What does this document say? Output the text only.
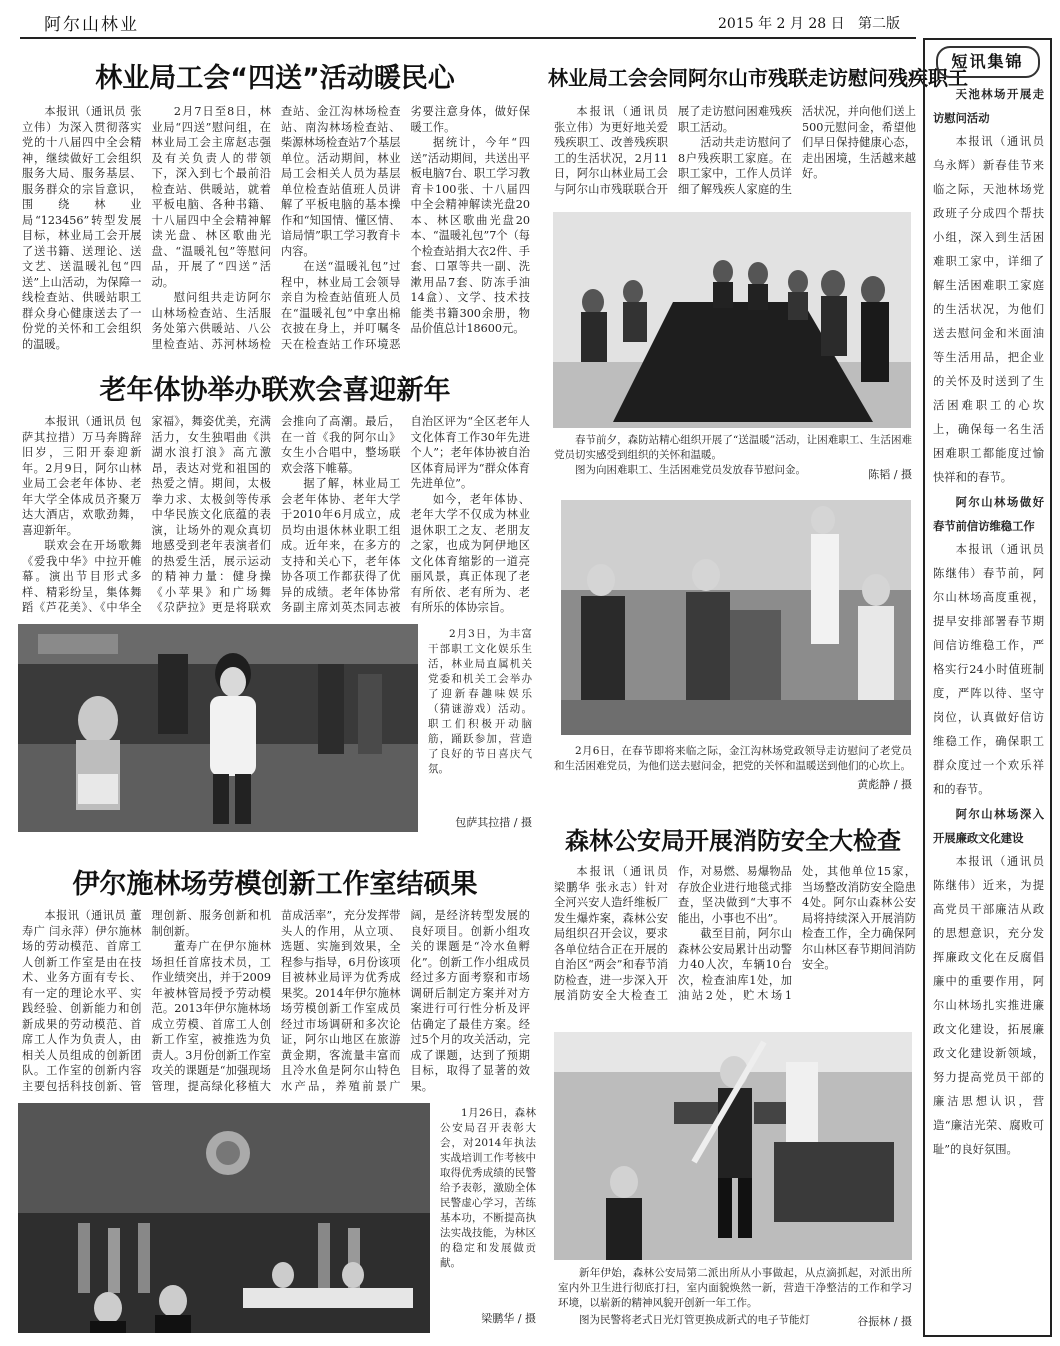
阿尔山林业	2015 年 2 月 28 日   第二版
林业局工会“四送”活动暖民心

本报讯（通讯员 张立伟）为深入贯彻落实党的十八届四中全会精神，继续做好工会组织服务大局、服务基层、服务群众的宗旨意识，围绕林业局“123456”转型发展目标，林业局工会开展了送书籍、送理论、送文艺、送温暖礼包“四送”上山活动，为保障一线检查站、供暖站职工群众身心健康送去了一份党的关怀和工会组织的温暖。

2月7日至8日，林业局“四送”慰问组，在林业局工会主席赵志强及有关负责人的带领下，深入到七个最前沿检查站、供暖站，就着平板电脑、各种书籍、十八届四中全会精神解读光盘、林区歌曲光盘、“温暖礼包”等慰问品，开展了“四送”活动。

慰问组共走访阿尔山林场检查站、生活服务处第六供暖站、八公里检查站、苏河林场检查站、金江沟林场检查站、南沟林场检查站、柴源林场检查站7个基层单位。活动期间，林业局工会相关人员为基层单位检查站值班人员讲解了平板电脑的基本操作和“知国情、懂区情、谙局情”职工学习教育卡内容。

在送“温暖礼包”过程中，林业局工会领导亲自为检查站值班人员在“温暖礼包”中拿出棉衣披在身上，并叮嘱冬天在检查站工作环境恶劣要注意身体，做好保暖工作。

据统计，今年“四送”活动期间，共送出平板电脑7台、职工学习教育卡100张、十八届四中全会精神解读光盘20本、林区歌曲光盘20本、“温暖礼包”7个（每个检查站捐大衣2件、手套、口罩等共一副、洗漱用品7套、防冻手油14盒）、文学、技术技能类书籍300余册，物品价值总计18600元。

老年体协举办联欢会喜迎新年

本报讯（通讯员 包萨其拉措）万马奔腾辞旧岁，三阳开泰迎新年。2月9日，阿尔山林业局工会老年体协、老年大学全体成员齐聚万达大酒店，欢歌劲舞，喜迎新年。

联欢会在开场歌舞《爱我中华》中拉开帷幕。演出节目形式多样、精彩纷呈，集体舞蹈《芦花美》、《中华全家福》，舞姿优美，充满活力，女生独唱曲《洪湖水浪打浪》高亢激昂，表达对党和祖国的热爱之情。期间，太极拳力求、太极剑等传承中华民族文化底蕴的表演，让场外的观众真切地感受到老年表演者们的热爱生活，展示运动的精神力量：健身操《小苹果》和广场舞《尕萨拉》更是将联欢会推向了高潮。最后，在一首《我的阿尔山》女生小合唱中，整场联欢会落下帷幕。

据了解，林业局工会老年体协、老年大学于2010年6月成立，成员均由退休林业职工组成。近年来，在多方的支持和关心下，老年体协各项工作都获得了优异的成绩。老年体协常务副主席刘英杰同志被自治区评为“全区老年人文化体育工作30年先进个人”；老年体协被自治区体育局评为“群众体育先进单位”。

如今，老年体协、老年大学不仅成为林业退休职工之友、老朋友之家，也成为阿伊地区文化体育缩影的一道亮丽风景，真正体现了老有所依、老有所为、老有所乐的体协宗旨。

2月3日，为丰富干部职工文化娱乐生活，林业局直属机关党委和机关工会举办了迎新春趣味娱乐（猜谜游戏）活动。职工们积极开动脑筋，踊跃参加，营造了良好的节日喜庆气氛。

包萨其拉措 / 摄
伊尔施林场劳模创新工作室结硕果

本报讯（通讯员 董寿广 闫永萍）伊尔施林场的劳动模范、首席工人创新工作室是由在技术、业务方面有专长、有一定的理论水平、实践经验、创新能力和创新成果的劳动模范、首席工人作为负责人，由相关人员组成的创新团队。工作室的创新内容主要包括科技创新、管理创新、服务创新和机制创新。

董寿广在伊尔施林场担任首席技术员，工作业绩突出，并于2009年被林管局授予劳动模范。2013年伊尔施林场成立劳模、首席工人创新工作室，被推选为负责人。3月份创新工作室攻关的课题是“加强现场管理，提高绿化移植大苗成活率”，充分发挥带头人的作用，从立项、选题、实施到效果，全程参与指导，6月份该项目被林业局评为优秀成果奖。2014年伊尔施林场劳模创新工作室成员经过市场调研和多次论证，阿尔山地区在旅游黄金期，客流量丰富而且冷水鱼是阿尔山特色水产品，养殖前景广阔，是经济转型发展的良好项目。创新小组攻关的课题是“冷水鱼孵化”。创新工作小组成员经过多方面考察和市场调研后制定方案并对方案进行可行性分析及评估确定了最佳方案。经过5个月的攻关活动，完成了课题，达到了预期目标，取得了显著的效果。

1月26日，森林公安局召开表彰大会，对2014年执法实战培训工作考核中取得优秀成绩的民警给予表彰，激励全体民警虚心学习，苦练基本功，不断提高执法实战技能，为林区的稳定和发展做贡献。

梁鹏华 / 摄
林业局工会会同阿尔山市残联走访慰问残疾职工

本报讯（通讯员 张立伟）为更好地关爱残疾职工、改善残疾职工的生活状况，2月11日，阿尔山林业局工会与阿尔山市残联联合开展了走访慰问困难残疾职工活动。

活动共走访慰问了8户残疾职工家庭。在职工家中，工作人员详细了解残疾人家庭的生活状况，并向他们送上500元慰问金，希望他们早日保持健康心态，走出困境，生活越来越好。

春节前夕，森防站精心组织开展了“送温暖”活动，让困难职工、生活困难党员切实感受到组织的关怀和温暖。

图为向困难职工、生活困难党员发放春节慰问金。	陈韬 / 摄

2月6日，在春节即将来临之际，金江沟林场党政领导走访慰问了老党员和生活困难党员，为他们送去慰问金，把党的关怀和温暖送到他们的心坎上。

黄彪静 / 摄
森林公安局开展消防安全大检查

本报讯（通讯员 梁鹏华 张永志）针对全河兴安人造纤维板厂发生爆炸案，森林公安局组织召开会议，要求各单位结合正在开展的自治区“两会”和春节消防检查，进一步深入开展消防安全大检查工作，对易燃、易爆物品存放企业进行地毯式排查，坚决做到“大事不能出，小事也不出”。

截至目前，阿尔山森林公安局累计出动警力40人次，车辆10台次，检查油库1处，加油站2处，贮木场1处，其他单位15家，当场整改消防安全隐患4处。阿尔山森林公安局将持续深入开展消防检查工作，全力确保阿尔山林区春节期间消防安全。

新年伊始，森林公安局第二派出所从小事做起，从点滴抓起，对派出所室内外卫生进行彻底打扫，室内面貌焕然一新，营造干净整洁的工作和学习环境，以崭新的精神风貌开创新一年工作。

图为民警将老式日光灯管更换成新式的电子节能灯	谷振林 / 摄
短讯集锦

天池林场开展走访慰问活动

本报讯（通讯员 乌永辉）新春佳节来临之际，天池林场党政班子分成四个帮扶小组，深入到生活困难职工家中，详细了解生活困难职工家庭的生活状况，为他们送去慰问金和米面油等生活用品，把企业的关怀及时送到了生活困难职工的心坎上，确保每一名生活困难职工都能度过愉快祥和的春节。

阿尔山林场做好春节前信访维稳工作

本报讯（通讯员 陈继伟）春节前，阿尔山林场高度重视，提早安排部署春节期间信访维稳工作，严格实行24小时值班制度，严阵以待、坚守岗位，认真做好信访维稳工作，确保职工群众度过一个欢乐祥和的春节。

阿尔山林场深入开展廉政文化建设

本报讯（通讯员 陈继伟）近来，为提高党员干部廉洁从政的思想意识，充分发挥廉政文化在反腐倡廉中的重要作用，阿尔山林场扎实推进廉政文化建设，拓展廉政文化建设新领域，努力提高党员干部的廉洁思想认识，营造“廉洁光荣、腐败可耻”的良好氛围。
